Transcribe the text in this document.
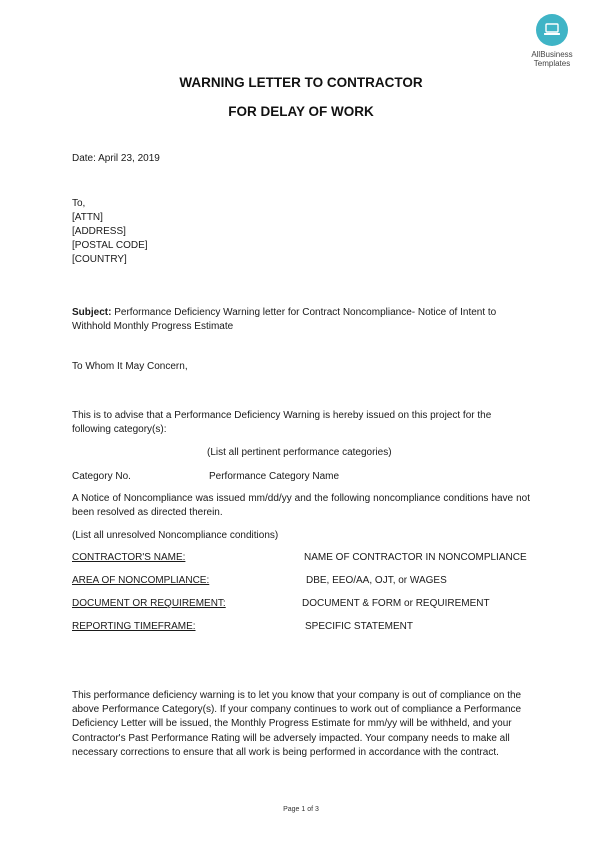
AllBusiness
Templates
WARNING LETTER TO CONTRACTOR
FOR DELAY OF WORK
Date: April 23, 2019
To,
[ATTN]
[ADDRESS]
[POSTAL CODE]
[COUNTRY]
Subject: Performance Deficiency Warning letter for Contract Noncompliance- Notice of Intent to Withhold Monthly Progress Estimate
To Whom It May Concern,
This is to advise that a Performance Deficiency Warning is hereby issued on this project for the following category(s):
(List all pertinent performance categories)
Category No.	Performance Category Name
A Notice of Noncompliance was issued mm/dd/yy and the following noncompliance conditions have not been resolved as directed therein.
(List all unresolved Noncompliance conditions)
CONTRACTOR'S NAME:	NAME OF CONTRACTOR IN NONCOMPLIANCE
AREA OF NONCOMPLIANCE:	DBE, EEO/AA, OJT, or WAGES
DOCUMENT OR REQUIREMENT:	DOCUMENT & FORM or REQUIREMENT
REPORTING TIMEFRAME:	SPECIFIC STATEMENT
This performance deficiency warning is to let you know that your company is out of compliance on the above Performance Category(s). If your company continues to work out of compliance a Performance Deficiency Letter will be issued, the Monthly Progress Estimate for mm/yy will be withheld, and your Contractor's Past Performance Rating will be adversely impacted. Your company needs to make all necessary corrections to ensure that all work is being performed in accordance with the contract.
Page 1 of 3
